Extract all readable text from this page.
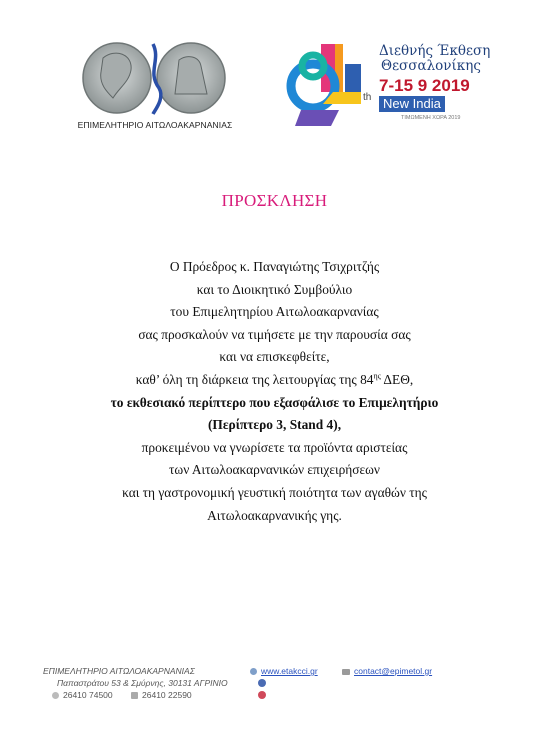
ΕΠΙΜΕΛΗΤΗΡΙΟ ΑΙΤΩΛΟΑΚΑΡΝΑΝΙΑΣ
th
Διεθνής Έκθεση
Θεσσαλονίκης
7-15 9 2019
New India
ΤΙΜΩΜΕΝΗ ΧΩΡΑ 2019
ΠΡΟΣΚΛΗΣΗ
Ο Πρόεδρος κ. Παναγιώτης Τσιχριτζής
και το Διοικητικό Συμβούλιο
του Επιμελητηρίου Αιτωλοακαρνανίας
σας προσκαλούν να τιμήσετε με την παρουσία σας
και να επισκεφθείτε,
καθ’ όλη τη διάρκεια της λειτουργίας της $84^{\eta\varsigma}$ ΔΕΘ,
το εκθεσιακό περίπτερο που εξασφάλισε το Επιμελητήριο
(Περίπτερο 3, Stand 4),
προκειμένου να γνωρίσετε τα προϊόντα αριστείας
των Αιτωλοακαρνανικών επιχειρήσεων
και τη γαστρονομική γευστική ποιότητα των αγαθών της
Αιτωλοακαρνανικής γης.
ΕΠΙΜΕΛΗΤΗΡΙΟ ΑΙΤΩΛΟΑΚΑΡΝΑΝΙΑΣ
Παπαστράτου 53 & Σμύρνης, 30131 ΑΓΡΙΝΙΟ
26410 74500	26410 22590
www.etakcci.gr	contact@epimetol.gr
